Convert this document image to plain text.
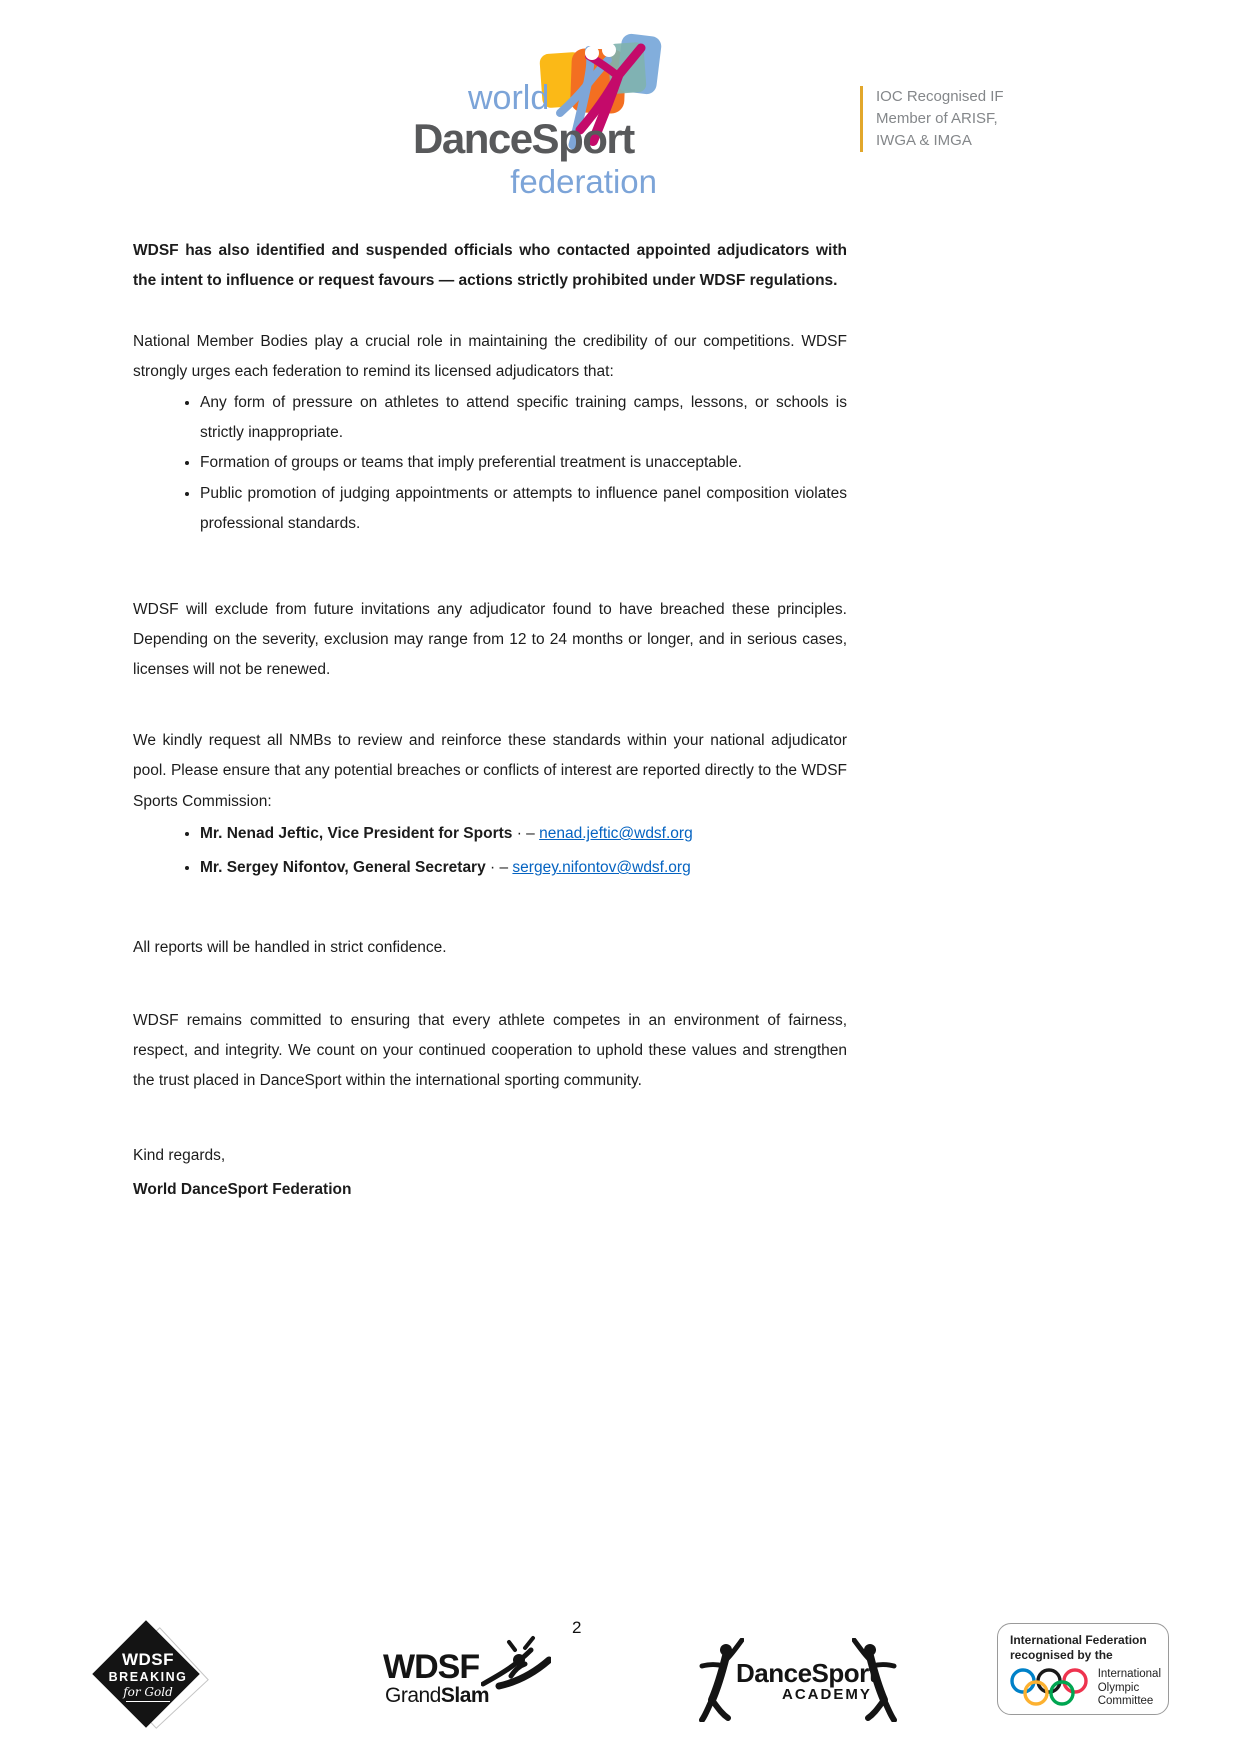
world
DanceSport
federation
IOC Recognised IF
Member of ARISF,
IWGA & IMGA

WDSF has also identified and suspended officials who contacted appointed adjudicators with the intent to influence or request favours — actions strictly prohibited under WDSF regulations.

National Member Bodies play a crucial role in maintaining the credibility of our competitions. WDSF strongly urges each federation to remind its licensed adjudicators that:

• Any form of pressure on athletes to attend specific training camps, lessons, or schools is strictly inappropriate.
• Formation of groups or teams that imply preferential treatment is unacceptable.
• Public promotion of judging appointments or attempts to influence panel composition violates professional standards.

WDSF will exclude from future invitations any adjudicator found to have breached these principles. Depending on the severity, exclusion may range from 12 to 24 months or longer, and in serious cases, licenses will not be renewed.

We kindly request all NMBs to review and reinforce these standards within your national adjudicator pool. Please ensure that any potential breaches or conflicts of interest are reported directly to the WDSF Sports Commission:

• Mr. Nenad Jeftic, Vice President for Sports · – nenad.jeftic@wdsf.org
• Mr. Sergey Nifontov, General Secretary · – sergey.nifontov@wdsf.org

All reports will be handled in strict confidence.

WDSF remains committed to ensuring that every athlete competes in an environment of fairness, respect, and integrity. We count on your continued cooperation to uphold these values and strengthen the trust placed in DanceSport within the international sporting community.

Kind regards,
World DanceSport Federation
2
WDSF
BREAKING
for Gold
WDSF
GrandSlam
DanceSport
ACADEMY
International Federation
recognised by the
International
Olympic
Committee
